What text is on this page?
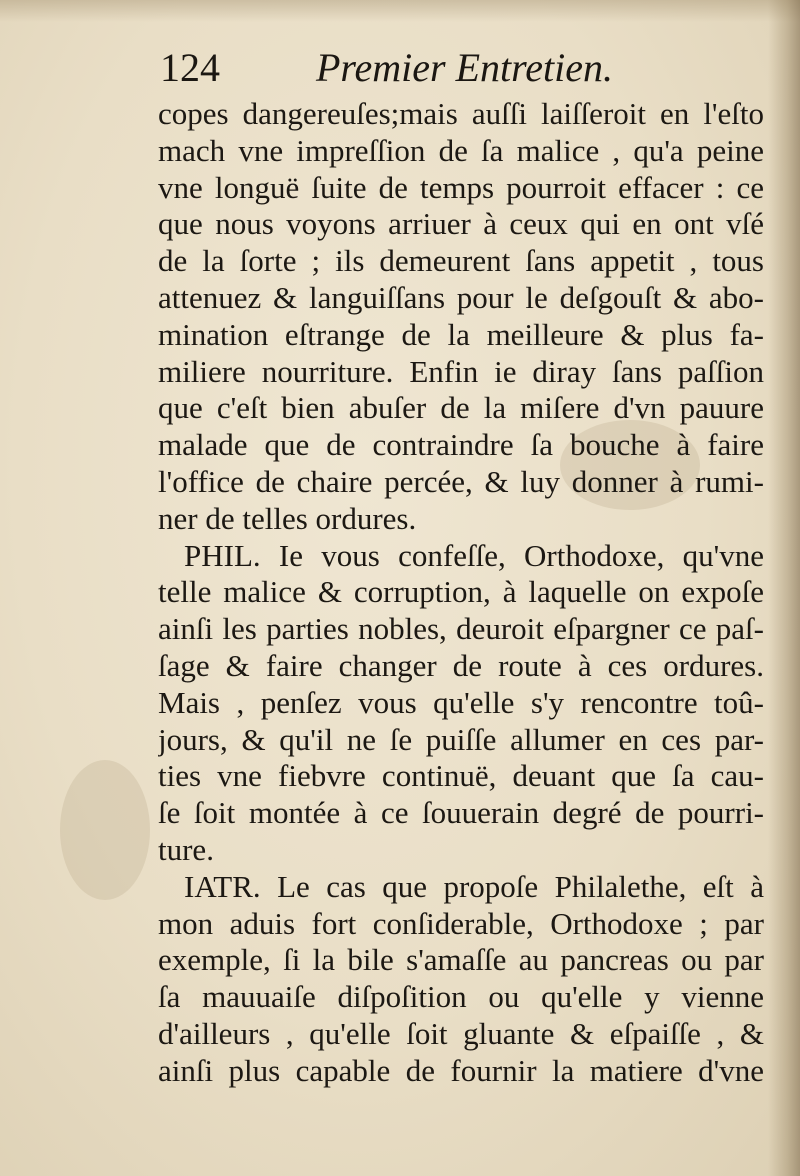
124 Premier Entretien.
copes dangereuſes;mais auſſi laiſſeroit en l'eſto
mach vne impreſſion de ſa malice , qu'a peine
vne longuë ſuite de temps pourroit effacer : ce
que nous voyons arriuer à ceux qui en ont vſé
de la ſorte ; ils demeurent ſans appetit , tous
attenuez & languiſſans pour le deſgouſt & abo-
mination eſtrange de la meilleure & plus fa-
miliere nourriture. Enfin ie diray ſans paſſion
que c'eſt bien abuſer de la miſere d'vn pauure
malade que de contraindre ſa bouche à faire
l'office de chaire percée, & luy donner à rumi-
ner de telles ordures.
PHIL. Ie vous confeſſe, Orthodoxe, qu'vne
telle malice & corruption, à laquelle on expoſe
ainſi les parties nobles, deuroit eſpargner ce paſ-
ſage & faire changer de route à ces ordures.
Mais , penſez vous qu'elle s'y rencontre toû-
jours, & qu'il ne ſe puiſſe allumer en ces par-
ties vne fiebvre continuë, deuant que ſa cau-
ſe ſoit montée à ce ſouuerain degré de pourri-
ture.
IATR. Le cas que propoſe Philalethe, eſt à
mon aduis fort conſiderable, Orthodoxe ; par
exemple, ſi la bile s'amaſſe au pancreas ou par
ſa mauuaiſe diſpoſition ou qu'elle y vienne
d'ailleurs , qu'elle ſoit gluante & eſpaiſſe , &
ainſi plus capable de fournir la matiere d'vne
